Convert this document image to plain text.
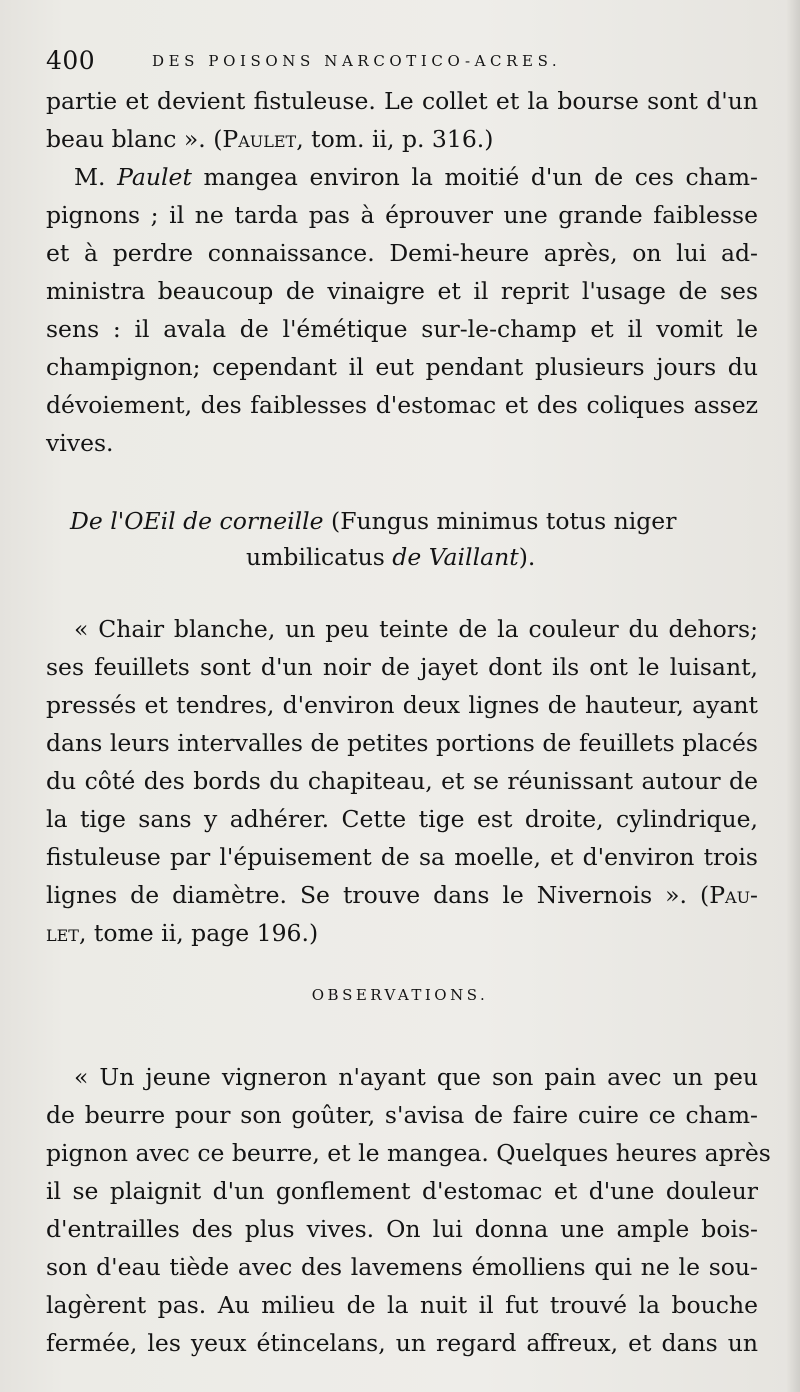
400	DES POISONS NARCOTICO-ACRES.
partie et devient fistuleuse. Le collet et la bourse sont d'un
beau blanc ». (Paulet, tom. ii, p. 316.)
M. Paulet mangea environ la moitié d'un de ces cham-
pignons ; il ne tarda pas à éprouver une grande faiblesse
et à perdre connaissance. Demi-heure après, on lui ad-
ministra beaucoup de vinaigre et il reprit l'usage de ses
sens : il avala de l'émétique sur-le-champ et il vomit le
champignon; cependant il eut pendant plusieurs jours du
dévoiement, des faiblesses d'estomac et des coliques assez
vives.
De l'OEil de corneille (Fungus minimus totus niger
umbilicatus de Vaillant).
« Chair blanche, un peu teinte de la couleur du dehors;
ses feuillets sont d'un noir de jayet dont ils ont le luisant,
pressés et tendres, d'environ deux lignes de hauteur, ayant
dans leurs intervalles de petites portions de feuillets placés
du côté des bords du chapiteau, et se réunissant autour de
la tige sans y adhérer. Cette tige est droite, cylindrique,
fistuleuse par l'épuisement de sa moelle, et d'environ trois
lignes de diamètre. Se trouve dans le Nivernois ». (Pau-
let, tome ii, page 196.)
OBSERVATIONS.
« Un jeune vigneron n'ayant que son pain avec un peu
de beurre pour son goûter, s'avisa de faire cuire ce cham-
pignon avec ce beurre, et le mangea. Quelques heures après
il se plaignit d'un gonflement d'estomac et d'une douleur
d'entrailles des plus vives. On lui donna une ample bois-
son d'eau tiède avec des lavemens émolliens qui ne le sou-
lagèrent pas. Au milieu de la nuit il fut trouvé la bouche
fermée, les yeux étincelans, un regard affreux, et dans un
